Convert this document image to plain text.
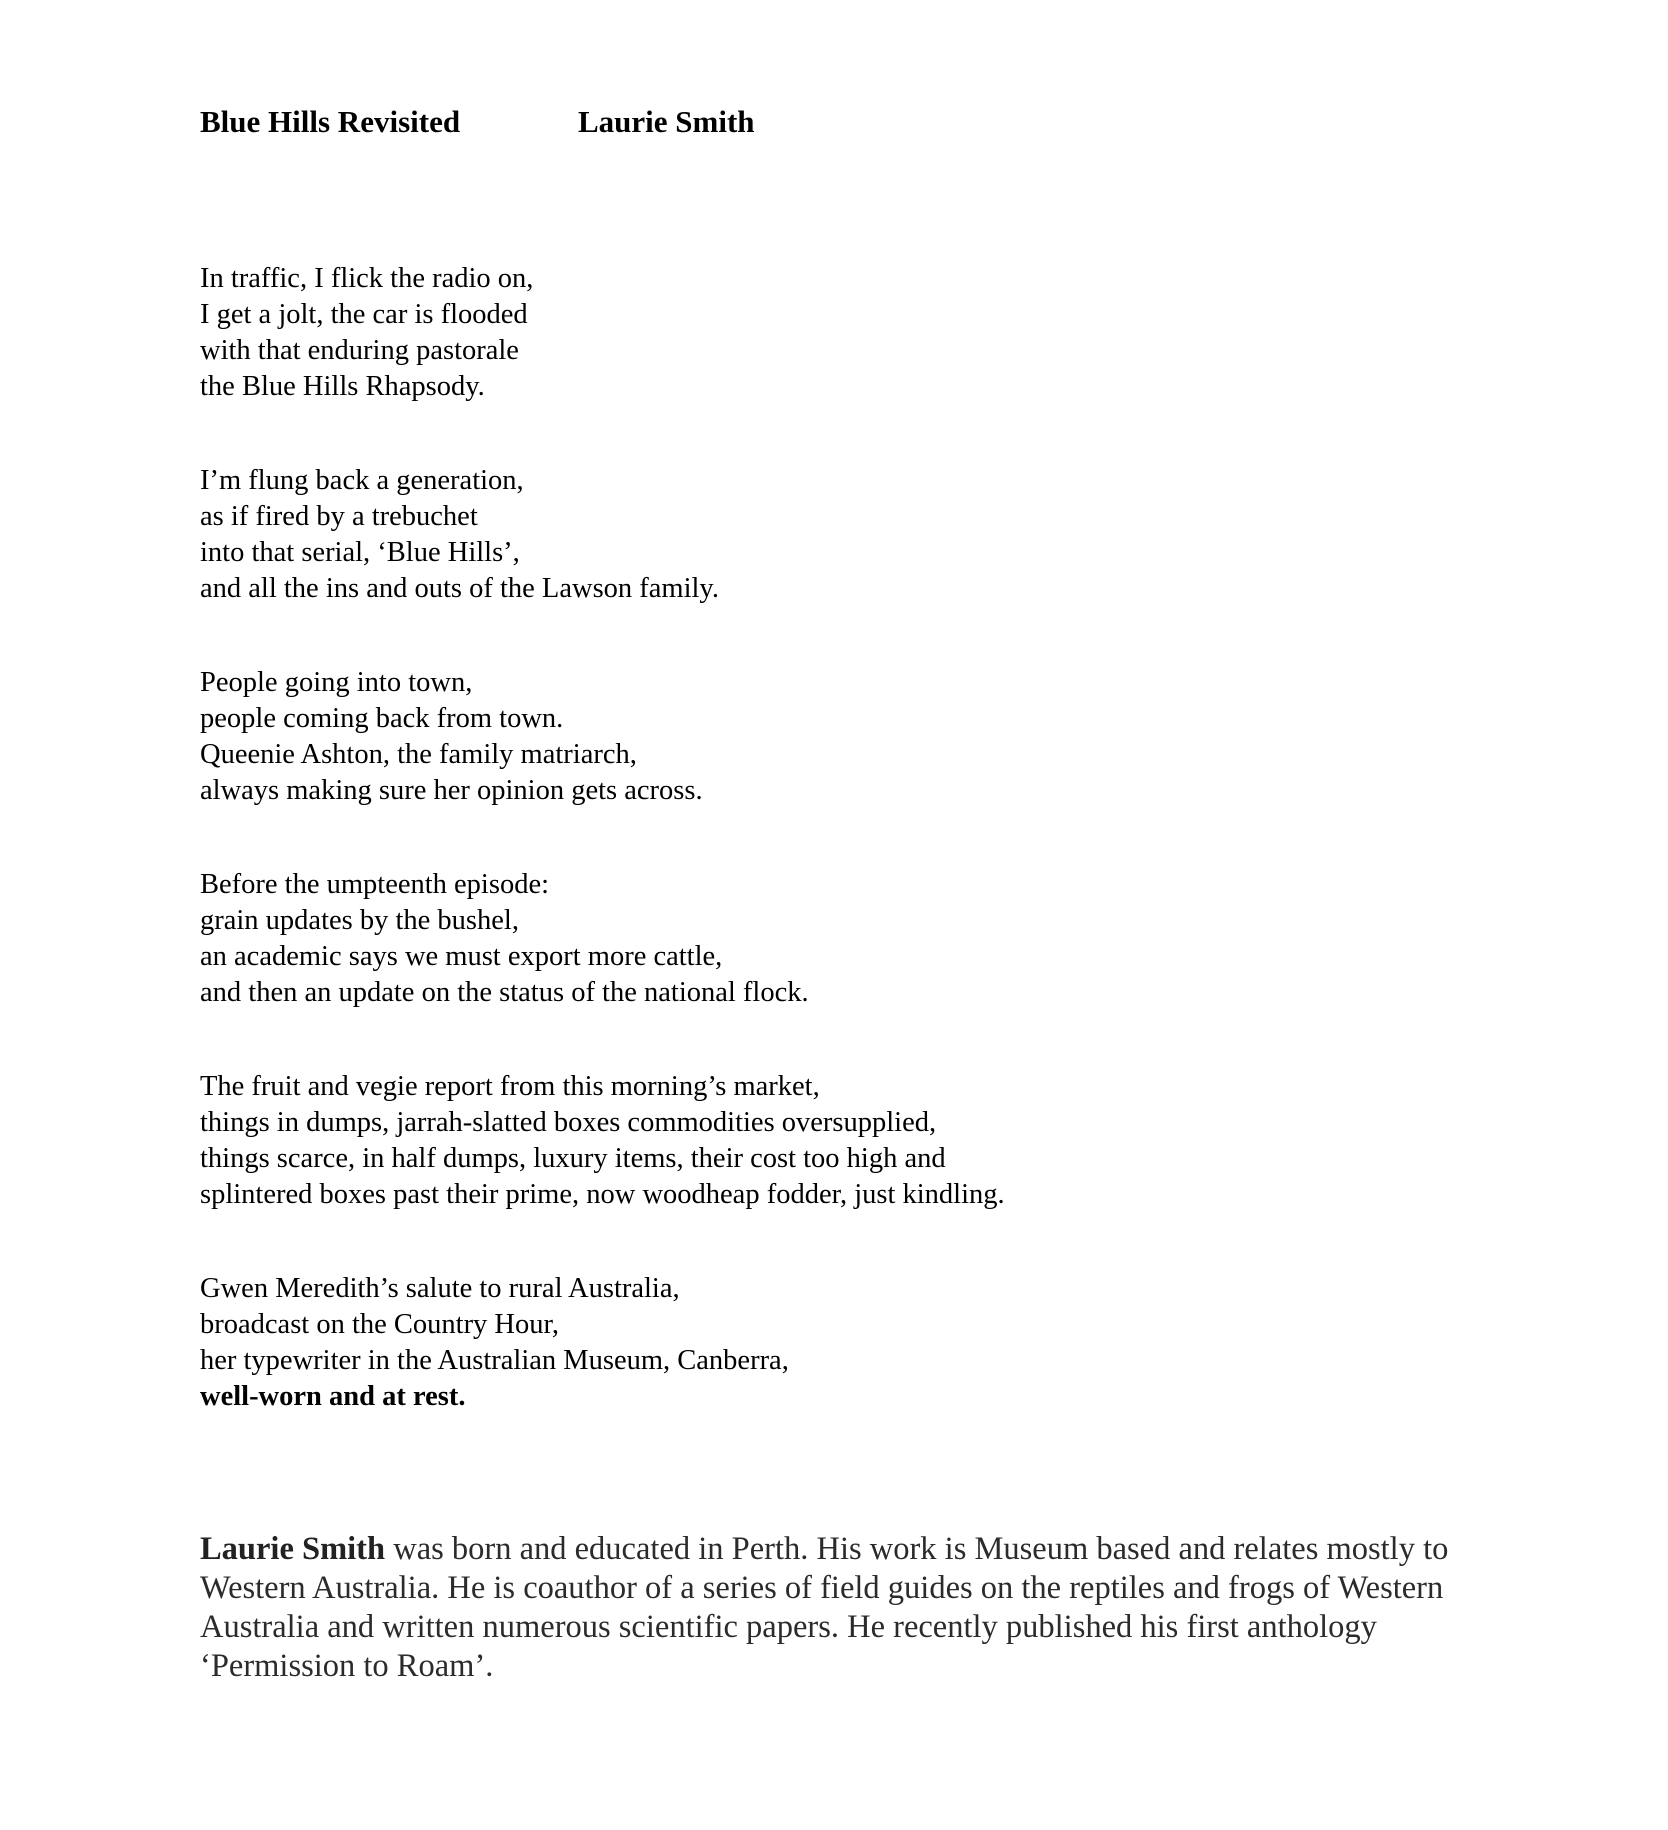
Blue Hills Revisited	Laurie Smith
In traffic, I flick the radio on,
I get a jolt, the car is flooded
with that enduring pastorale
the Blue Hills Rhapsody.
I’m flung back a generation,
as if fired by a trebuchet
into that serial, ‘Blue Hills’,
and all the ins and outs of the Lawson family.
People going into town,
people coming back from town.
Queenie Ashton, the family matriarch,
always making sure her opinion gets across.
Before the umpteenth episode:
grain updates by the bushel,
an academic says we must export more cattle,
and then an update on the status of the national flock.
The fruit and vegie report from this morning’s market,
things in dumps, jarrah-slatted boxes commodities oversupplied,
things scarce, in half dumps, luxury items, their cost too high and
splintered boxes past their prime, now woodheap fodder, just kindling.
Gwen Meredith’s salute to rural Australia,
broadcast on the Country Hour,
her typewriter in the Australian Museum, Canberra,
well-worn and at rest.
Laurie Smith was born and educated in Perth. His work is Museum based and relates mostly to Western Australia. He is coauthor of a series of field guides on the reptiles and frogs of Western Australia and written numerous scientific papers. He recently published his first anthology ‘Permission to Roam’.
